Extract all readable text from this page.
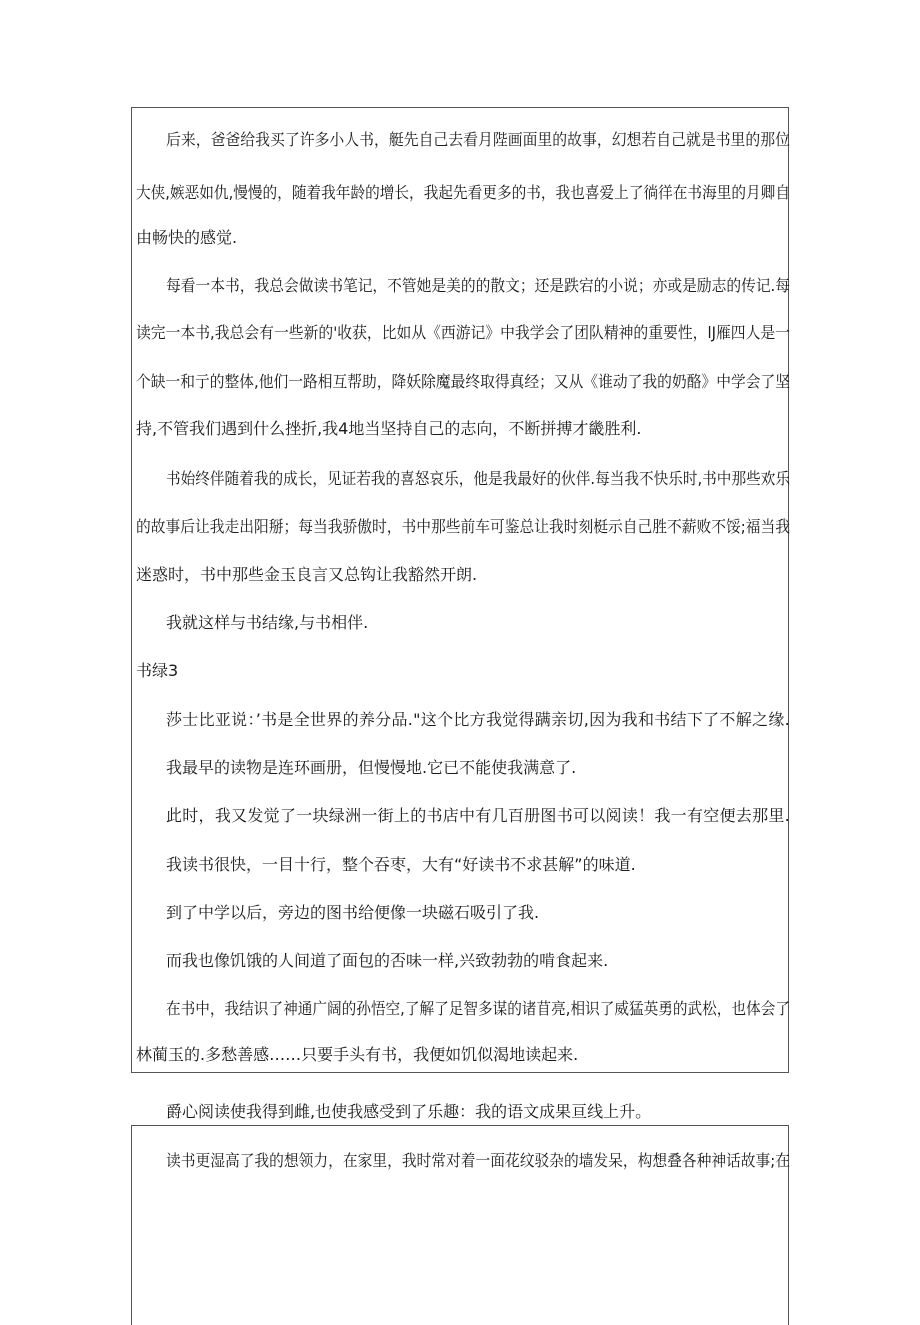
后来，爸爸给我买了许多小人书，艇先自己去看月陛画面里的故事，幻想若自己就是书里的那位
大侠,嫉恶如仇,慢慢的，随着我年龄的增长，我起先看更多的书，我也喜爱上了徜徉在书海里的月卿自
由畅快的感觉.
每看一本书，我总会做读书笔记，不管她是美的的散文；还是跌宕的小说；亦或是励志的传记.每
读完一本书,我总会有一些新的'收获，比如从《西游记》中我学会了团队精神的重要性，lJ雁四人是一
个缺一和亍的整体,他们一路相互帮助，降妖除魔最终取得真经；又从《谁动了我的奶酪》中学会了坚
持,不管我们遇到什么挫折,我4地当坚持自己的志向，不断拼搏才畿胜利.
书始终伴随着我的成长，见证若我的喜怒哀乐，他是我最好的伙伴.每当我不快乐时,书中那些欢乐
的故事后让我走出阳掰；每当我骄傲时，书中那些前车可鉴总让我时刻梃示自己胜不薪败不馁;福当我
迷惑时，书中那些金玉良言又总钩让我豁然开朗.
我就这样与书结缘,与书相伴.
书绿3
莎士比亚说：’书是全世界的养分品."这个比方我觉得蹒亲切,因为我和书结下了不解之缘.
我最早的读物是连环画册，但慢慢地.它已不能使我满意了.
此时，我又发觉了一块绿洲一街上的书店中有几百册图书可以阅读！我一有空便去那里.
我读书很快，一目十行，整个吞枣，大有“好读书不求甚解”的味道.
到了中学以后，旁边的图书给便像一块磁石吸引了我.
而我也像饥饿的人间道了面包的否味一样,兴致勃勃的啃食起来.
在书中，我结识了神通广阔的孙悟空,了解了足智多谋的诸苜亮,相识了威猛英勇的武松，也体会了
林蔺玉的.多愁善感……只要手头有书，我便如饥似渴地读起来.
爵心阅读使我得到雌,也使我感受到了乐趣：我的语文成果亘线上升。
读书更湿高了我的想领力，在家里，我时常对着一面花纹驳杂的墙发呆，构想叠各种神话故事;在
